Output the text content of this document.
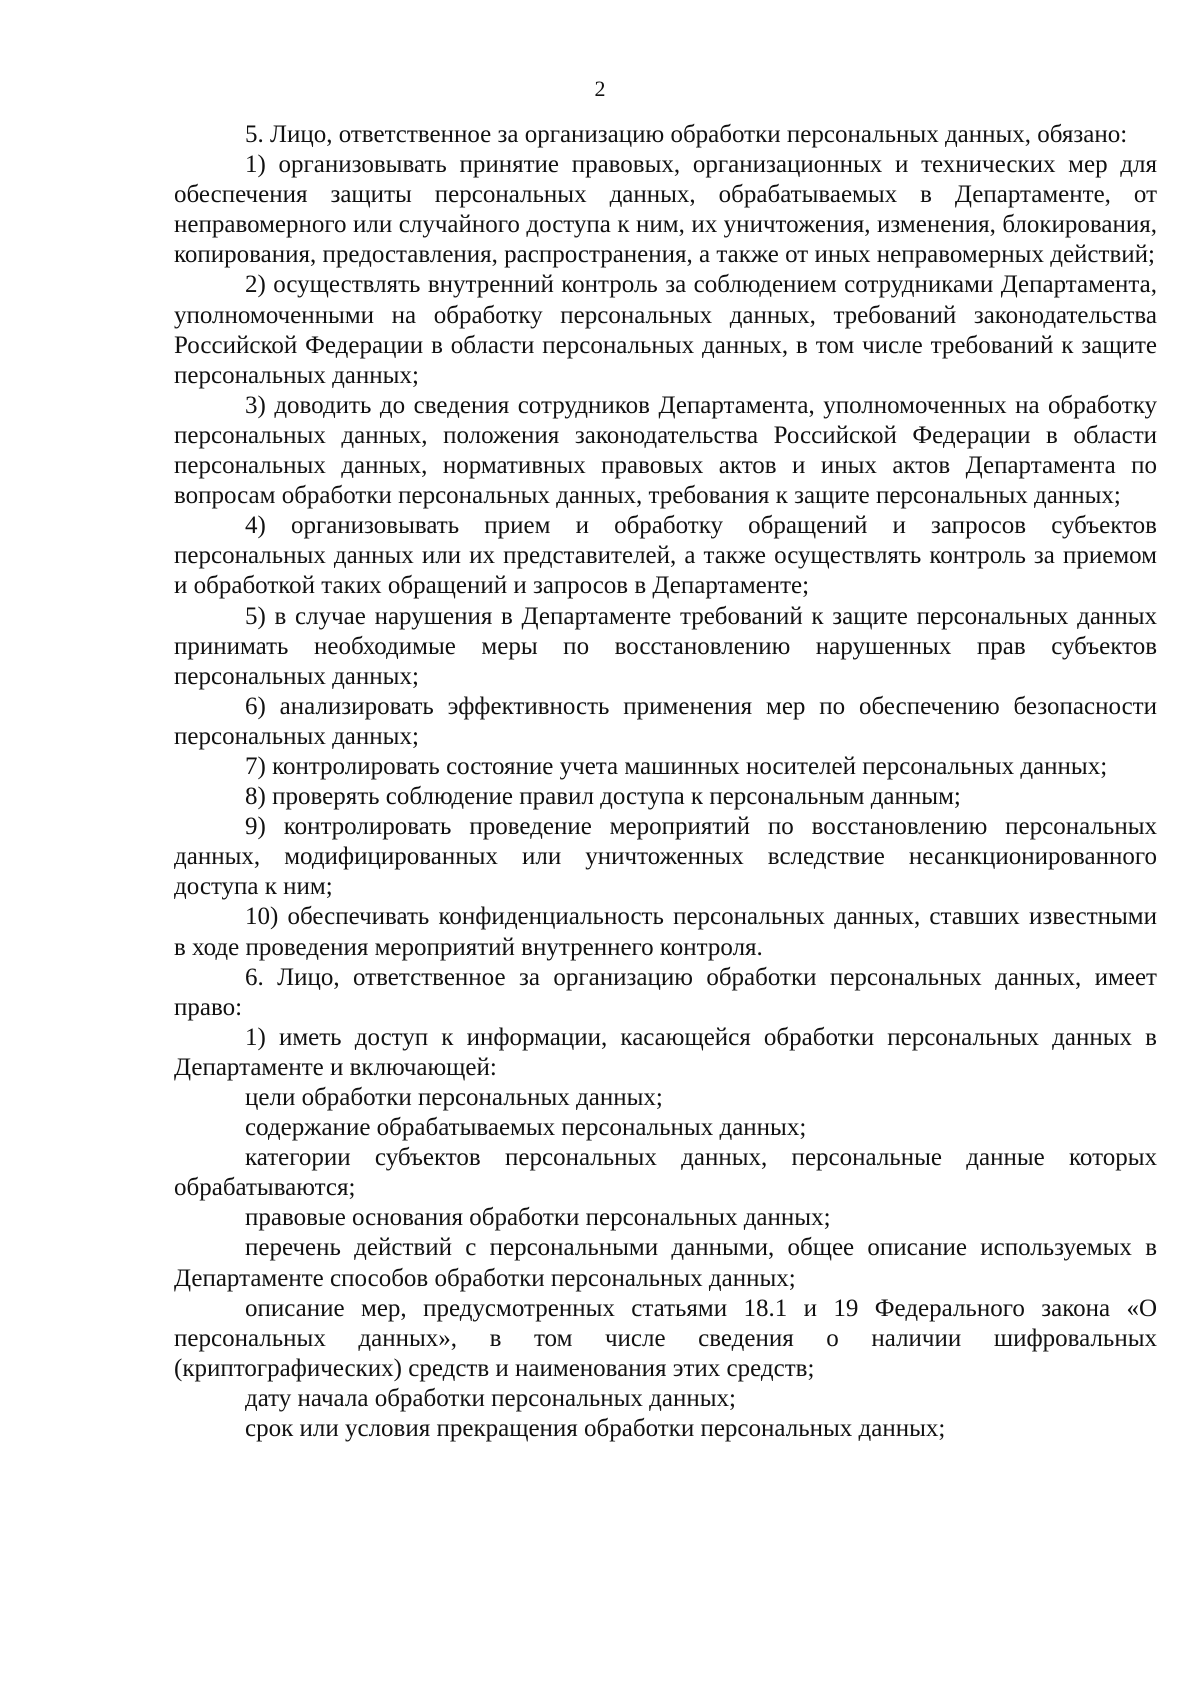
2

5. Лицо, ответственное за организацию обработки персональных данных, обязано:

1) организовывать принятие правовых, организационных и технических мер для обеспечения защиты персональных данных, обрабатываемых в Департаменте, от неправомерного или случайного доступа к ним, их уничтожения, изменения, блокирования, копирования, предоставления, распространения, а также от иных неправомерных действий;

2) осуществлять внутренний контроль за соблюдением сотрудниками Департамента, уполномоченными на обработку персональных данных, требований законодательства Российской Федерации в области персональных данных, в том числе требований к защите персональных данных;

3) доводить до сведения сотрудников Департамента, уполномоченных на обработку персональных данных, положения законодательства Российской Федерации в области персональных данных, нормативных правовых актов и иных актов Департамента по вопросам обработки персональных данных, требования к защите персональных данных;

4) организовывать прием и обработку обращений и запросов субъектов персональных данных или их представителей, а также осуществлять контроль за приемом и обработкой таких обращений и запросов в Департаменте;

5) в случае нарушения в Департаменте требований к защите персональных данных принимать необходимые меры по восстановлению нарушенных прав субъектов персональных данных;

6) анализировать эффективность применения мер по обеспечению безопасности персональных данных;

7) контролировать состояние учета машинных носителей персональных данных;

8) проверять соблюдение правил доступа к персональным данным;

9) контролировать проведение мероприятий по восстановлению персональных данных, модифицированных или уничтоженных вследствие несанкционированного доступа к ним;

10) обеспечивать конфиденциальность персональных данных, ставших известными в ходе проведения мероприятий внутреннего контроля.

6. Лицо, ответственное за организацию обработки персональных данных, имеет право:

1) иметь доступ к информации, касающейся обработки персональных данных в Департаменте и включающей:

цели обработки персональных данных;

содержание обрабатываемых персональных данных;

категории субъектов персональных данных, персональные данные которых обрабатываются;

правовые основания обработки персональных данных;

перечень действий с персональными данными, общее описание используемых в Департаменте способов обработки персональных данных;

описание мер, предусмотренных статьями 18.1 и 19 Федерального закона «О персональных данных», в том числе сведения о наличии шифровальных (криптографических) средств и наименования этих средств;

дату начала обработки персональных данных;

срок или условия прекращения обработки персональных данных;
